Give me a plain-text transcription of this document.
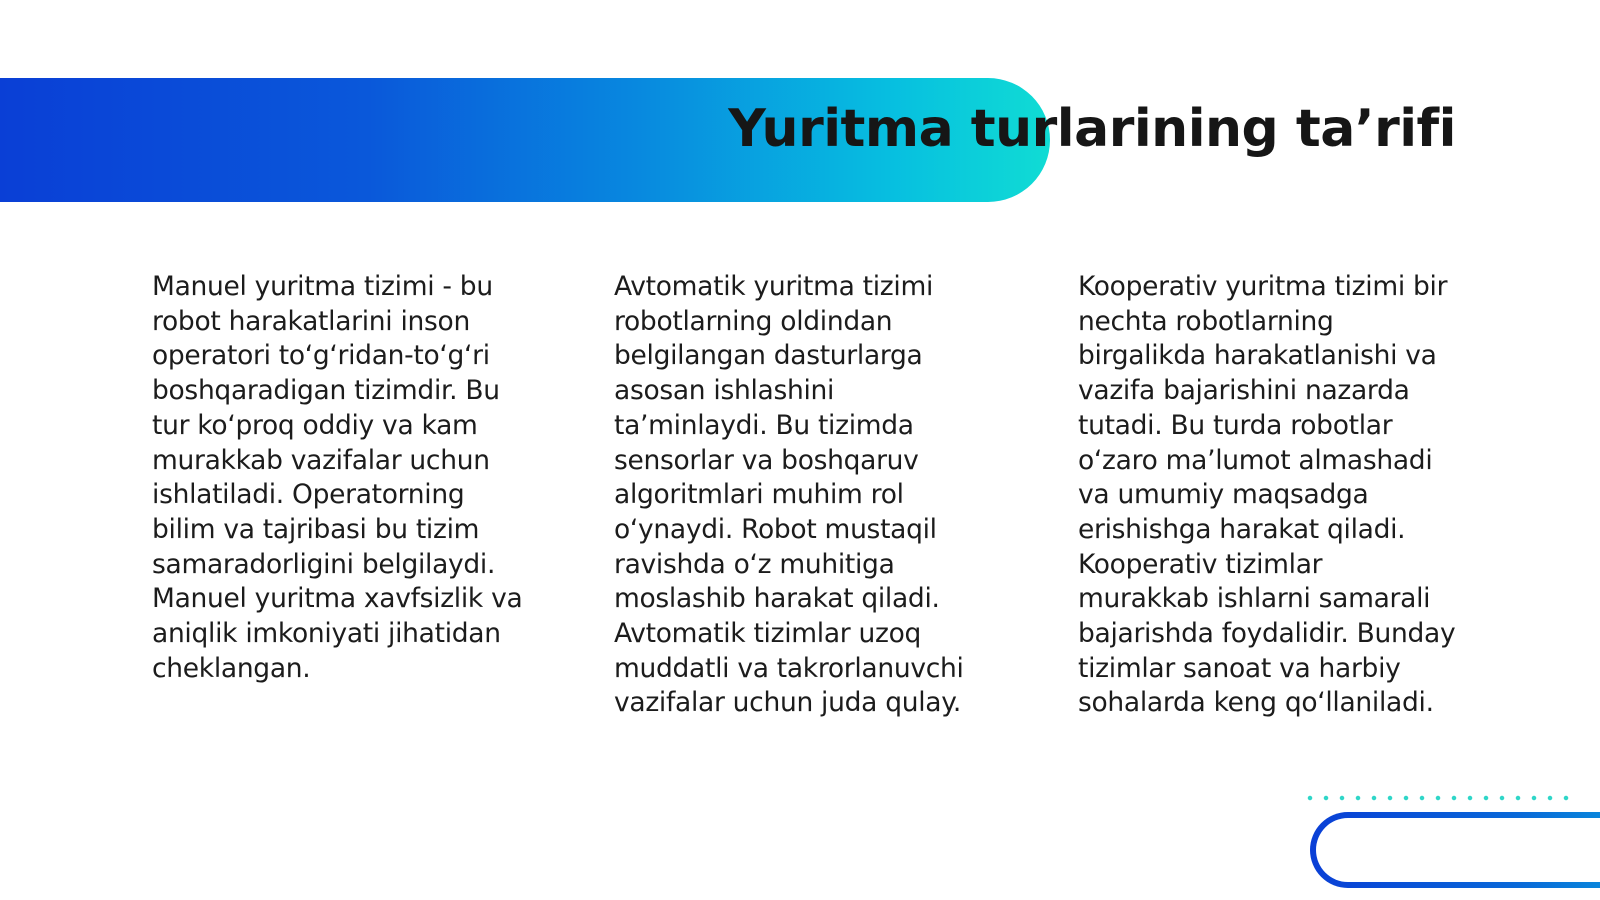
Yuritma turlarining ta’rifi

Manuel yuritma tizimi - bu robot harakatlarini inson operatori to‘g‘ridan-to‘g‘ri boshqaradigan tizimdir. Bu tur ko‘proq oddiy va kam murakkab vazifalar uchun ishlatiladi. Operatorning bilim va tajribasi bu tizim samaradorligini belgilaydi. Manuel yuritma xavfsizlik va aniqlik imkoniyati jihatidan cheklangan.

Avtomatik yuritma tizimi robotlarning oldindan belgilangan dasturlarga asosan ishlashini ta’minlaydi. Bu tizimda sensorlar va boshqaruv algoritmlari muhim rol o‘ynaydi. Robot mustaqil ravishda o‘z muhitiga moslashib harakat qiladi. Avtomatik tizimlar uzoq muddatli va takrorlanuvchi vazifalar uchun juda qulay.

Kooperativ yuritma tizimi bir nechta robotlarning birgalikda harakatlanishi va vazifa bajarishini nazarda tutadi. Bu turda robotlar o‘zaro ma’lumot almashadi va umumiy maqsadga erishishga harakat qiladi. Kooperativ tizimlar murakkab ishlarni samarali bajarishda foydalidir. Bunday tizimlar sanoat va harbiy sohalarda keng qo‘llaniladi.
